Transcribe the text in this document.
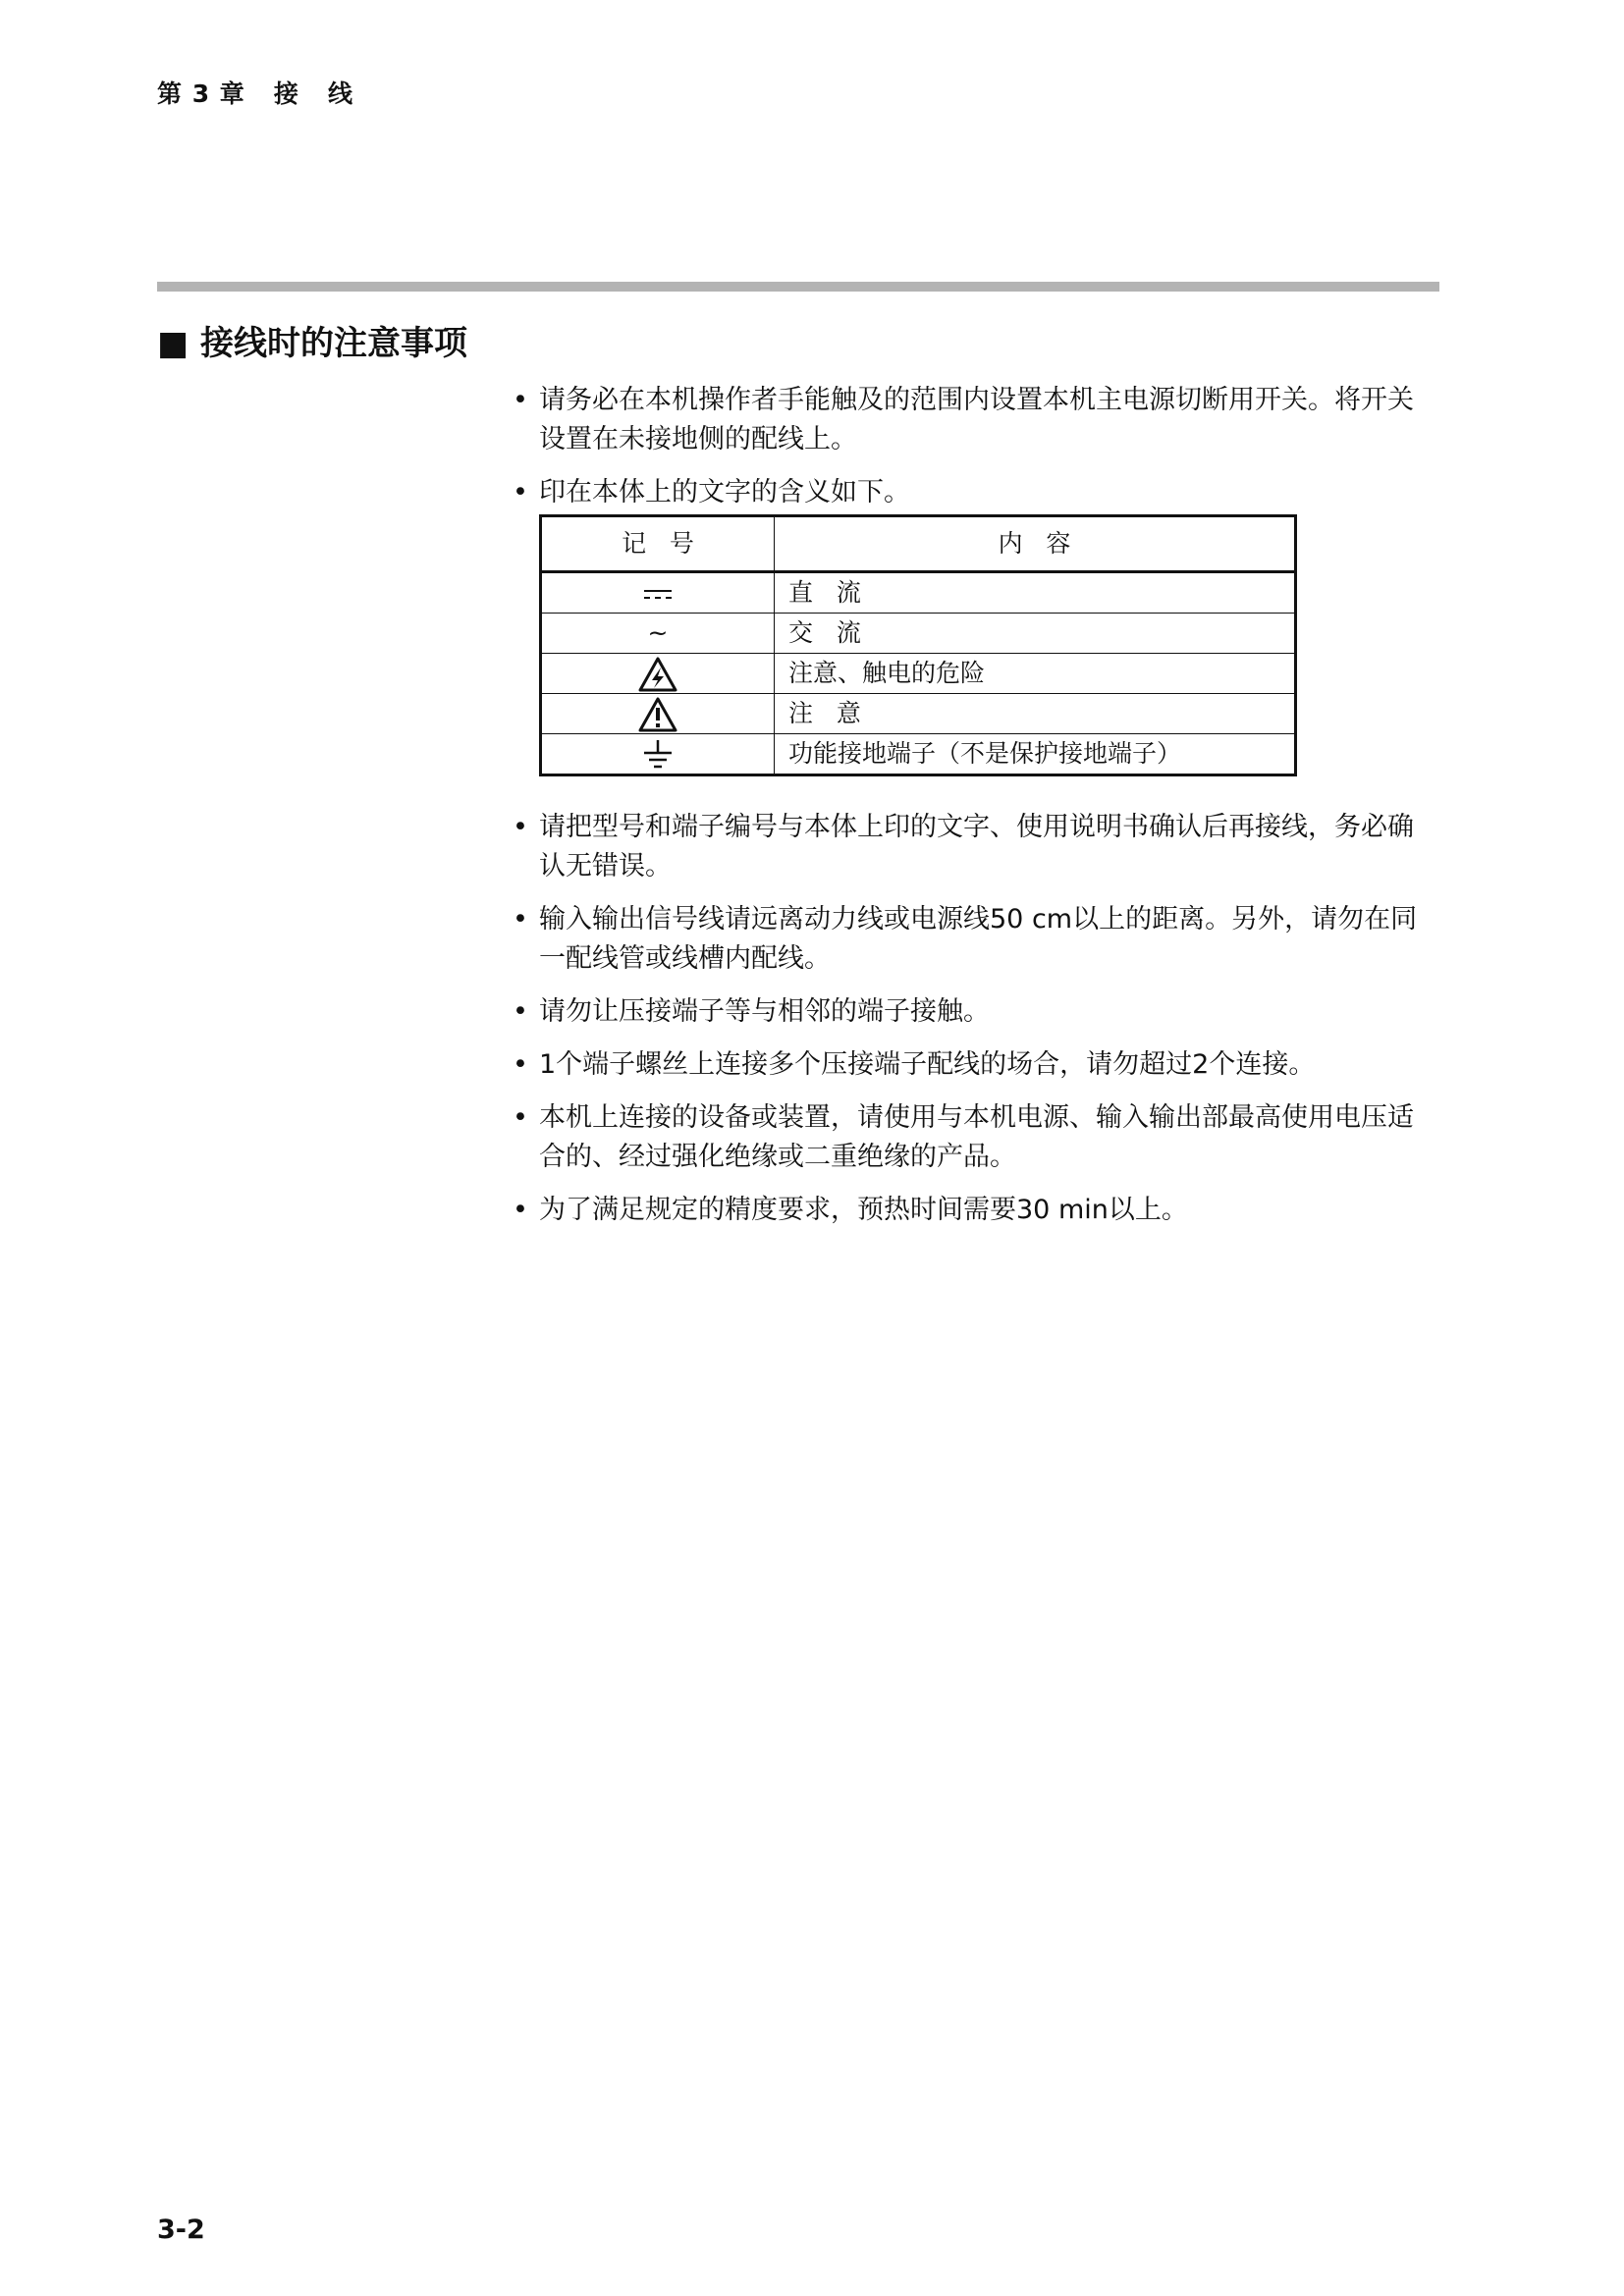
第 3 章   接   线
■ 接线时的注意事项
• 请务必在本机操作者手能触及的范围内设置本机主电源切断用开关。将开关设置在未接地侧的配线上。
• 印在本体上的文字的含义如下。
记   号	内   容
	直   流
~	交   流
	注意、触电的危险
	注   意
	功能接地端子（不是保护接地端子）
• 请把型号和端子编号与本体上印的文字、使用说明书确认后再接线，务必确认无错误。
• 输入输出信号线请远离动力线或电源线50 cm以上的距离。另外，请勿在同一配线管或线槽内配线。
• 请勿让压接端子等与相邻的端子接触。
• 1个端子螺丝上连接多个压接端子配线的场合，请勿超过2个连接。
• 本机上连接的设备或装置，请使用与本机电源、输入输出部最高使用电压适合的、经过强化绝缘或二重绝缘的产品。
• 为了满足规定的精度要求，预热时间需要30 min以上。
3-2
